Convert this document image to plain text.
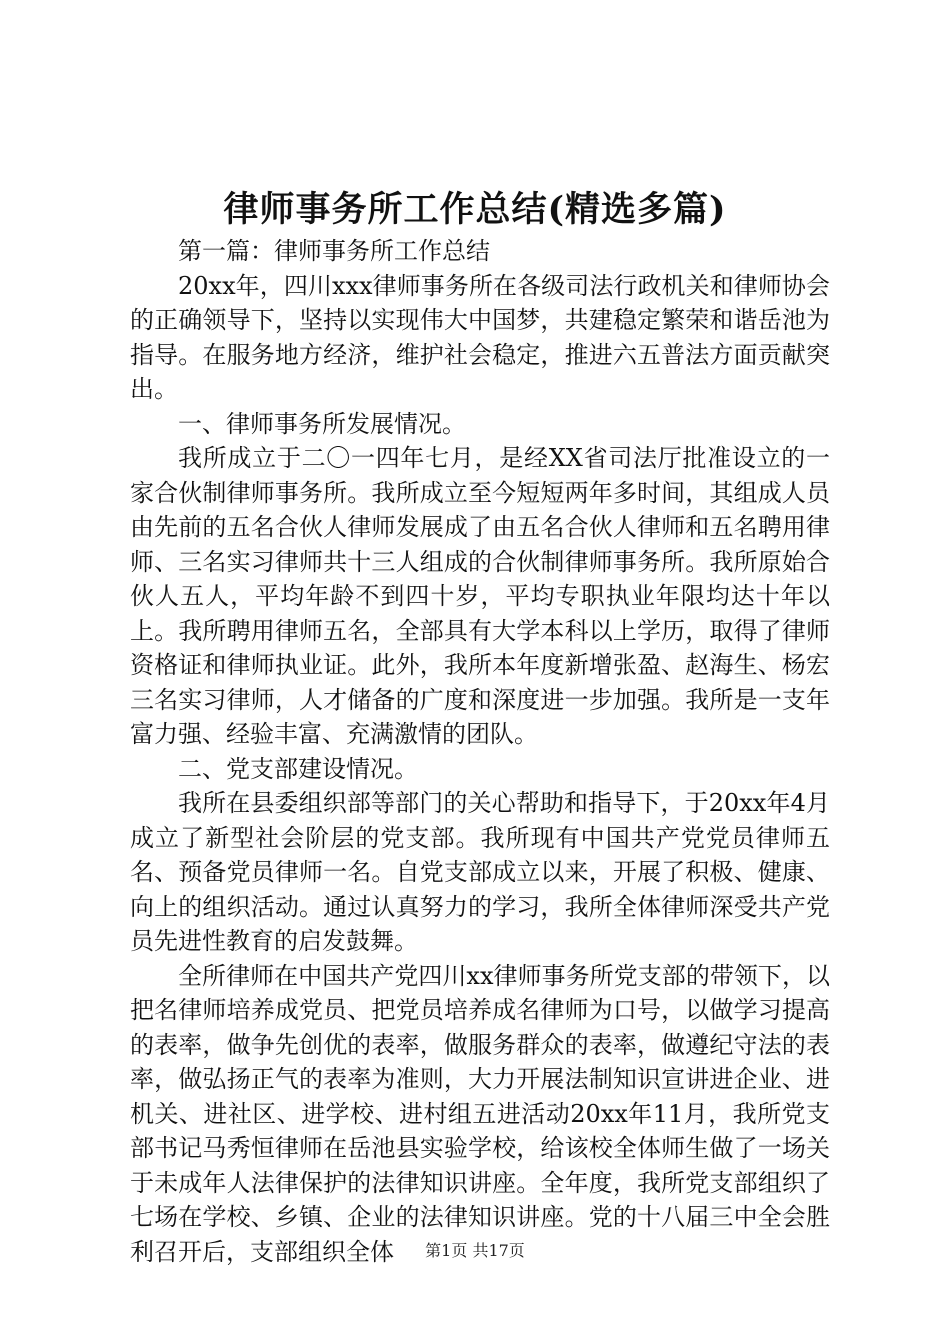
律师事务所工作总结(精选多篇)

第一篇：律师事务所工作总结

20xx年，四川xxx律师事务所在各级司法行政机关和律师协会的正确领导下，坚持以实现伟大中国梦，共建稳定繁荣和谐岳池为指导。在服务地方经济，维护社会稳定，推进六五普法方面贡献突出。

一、律师事务所发展情况。

我所成立于二〇一四年七月，是经XX省司法厅批准设立的一家合伙制律师事务所。我所成立至今短短两年多时间，其组成人员由先前的五名合伙人律师发展成了由五名合伙人律师和五名聘用律师、三名实习律师共十三人组成的合伙制律师事务所。我所原始合伙人五人，平均年龄不到四十岁，平均专职执业年限均达十年以上。我所聘用律师五名，全部具有大学本科以上学历，取得了律师资格证和律师执业证。此外，我所本年度新增张盈、赵海生、杨宏三名实习律师，人才储备的广度和深度进一步加强。我所是一支年富力强、经验丰富、充满激情的团队。

二、党支部建设情况。

我所在县委组织部等部门的关心帮助和指导下，于20xx年4月成立了新型社会阶层的党支部。我所现有中国共产党党员律师五名、预备党员律师一名。自党支部成立以来，开展了积极、健康、向上的组织活动。通过认真努力的学习，我所全体律师深受共产党员先进性教育的启发鼓舞。

全所律师在中国共产党四川xx律师事务所党支部的带领下，以把名律师培养成党员、把党员培养成名律师为口号，以做学习提高的表率，做争先创优的表率，做服务群众的表率，做遵纪守法的表率，做弘扬正气的表率为准则，大力开展法制知识宣讲进企业、进机关、进社区、进学校、进村组五进活动20xx年11月，我所党支部书记马秀恒律师在岳池县实验学校，给该校全体师生做了一场关于未成年人法律保护的法律知识讲座。全年度，我所党支部组织了七场在学校、乡镇、企业的法律知识讲座。党的十八届三中全会胜利召开后，支部组织全体	第1页 共17页
